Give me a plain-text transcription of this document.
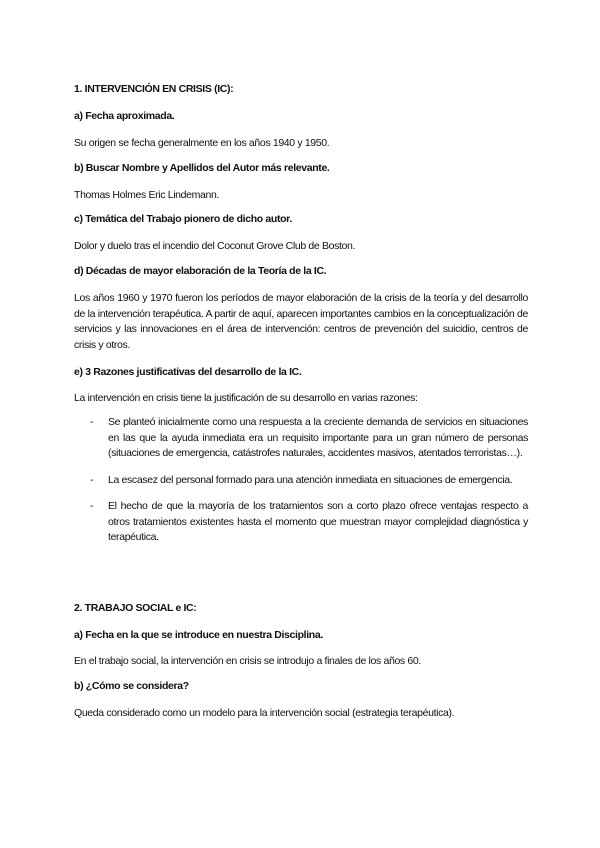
1. INTERVENCIÓN EN CRISIS (IC):
a) Fecha aproximada.
Su origen se fecha generalmente en los años 1940 y 1950.
b) Buscar Nombre y Apellidos del Autor más relevante.
Thomas Holmes Eric Lindemann.
c) Temática del Trabajo pionero de dicho autor.
Dolor y duelo tras el incendio del Coconut Grove Club de Boston.
d) Décadas de mayor elaboración de la Teoría de la IC.
Los años 1960 y 1970 fueron los períodos de mayor elaboración de la crisis de la teoría y del desarrollo de la intervención terapéutica. A partir de aquí, aparecen importantes cambios en la conceptualización de servicios y las innovaciones en el área de intervención: centros de prevención del suicidio, centros de crisis y otros.
e) 3 Razones justificativas del desarrollo de la IC.
La intervención en crisis tiene la justificación de su desarrollo en varias razones:
- Se planteó inicialmente como una respuesta a la creciente demanda de servicios en situaciones en las que la ayuda inmediata era un requisito importante para un gran número de personas (situaciones de emergencia, catástrofes naturales, accidentes masivos, atentados terroristas…).
- La escasez del personal formado para una atención inmediata en situaciones de emergencia.
- El hecho de que la mayoría de los tratamientos son a corto plazo ofrece ventajas respecto a otros tratamientos existentes hasta el momento que muestran mayor complejidad diagnóstica y terapéutica.
2. TRABAJO SOCIAL e IC:
a) Fecha en la que se introduce en nuestra Disciplina.
En el trabajo social, la intervención en crisis se introdujo a finales de los años 60.
b) ¿Cómo se considera?
Queda considerado como un modelo para la intervención social (estrategia terapéutica).
